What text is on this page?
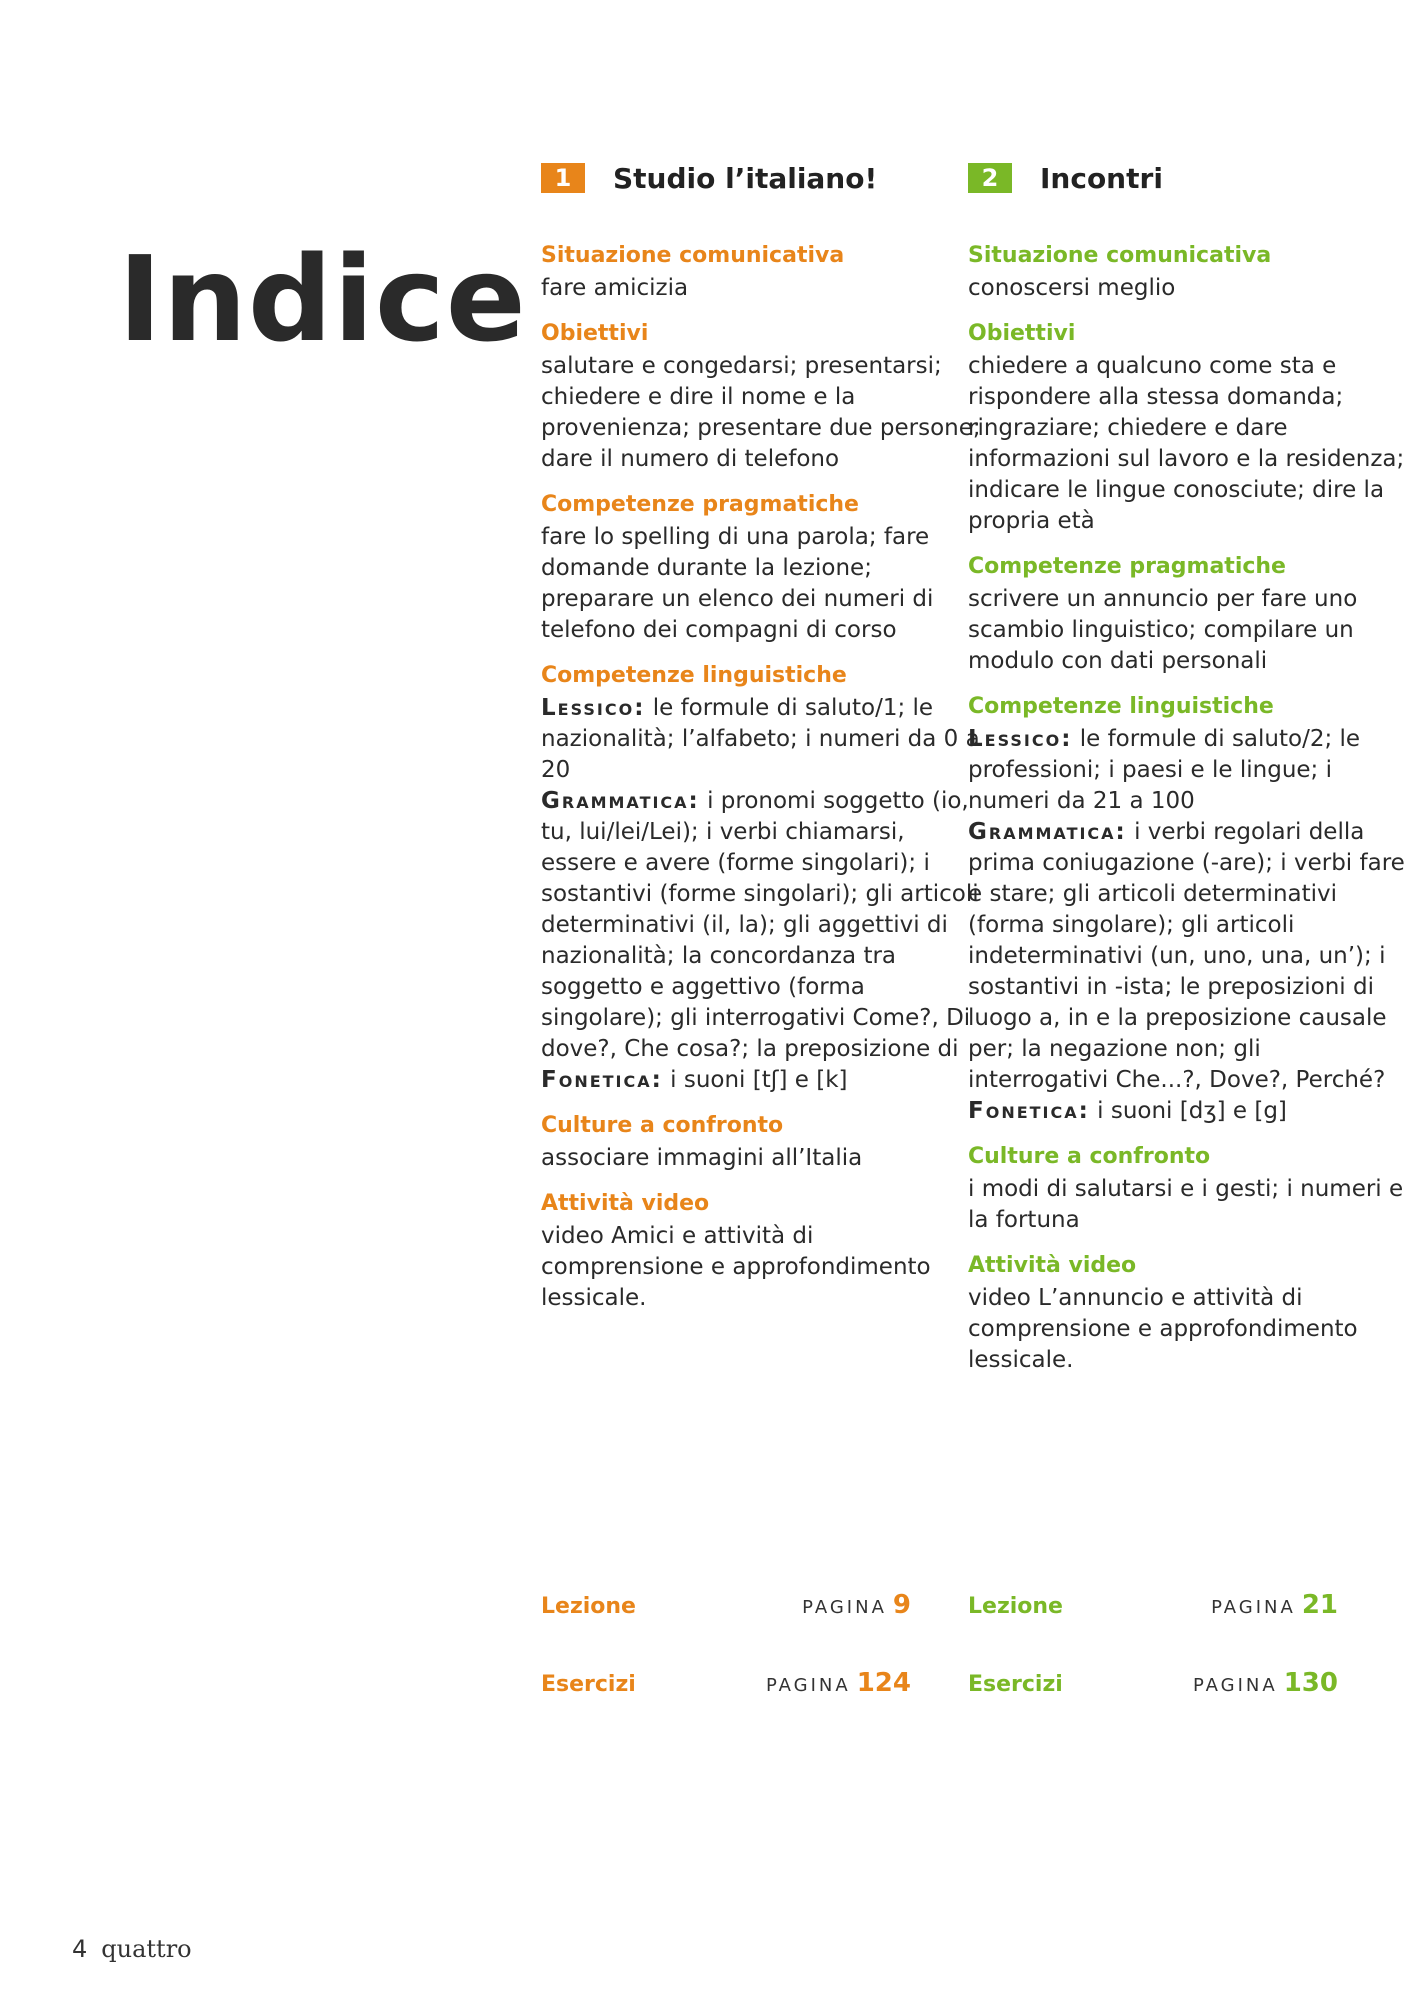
Indice
1	Studio l’italiano!
Situazione comunicativa

fare amicizia

Obiettivi

salutare e congedarsi; presentarsi; chiedere e dire il nome e la provenienza; presentare due persone; dare il numero di telefono

Competenze pragmatiche

fare lo spelling di una parola; fare domande durante la lezione; preparare un elenco dei numeri di telefono dei compagni di corso

Competenze linguistiche

Lessico: le formule di saluto/1; le nazionalità; l’alfabeto; i numeri da 0 a 20

Grammatica: i pronomi soggetto (io, tu, lui/lei/Lei); i verbi chiamarsi, essere e avere (forme singolari); i sostantivi (forme singolari); gli articoli determinativi (il, la); gli aggettivi di nazionalità; la concordanza tra soggetto e aggettivo (forma singolare); gli interrogativi Come?, Di dove?, Che cosa?; la preposizione di

Fonetica: i suoni [tʃ] e [k]

Culture a confronto

associare immagini all’Italia

Attività video

video Amici e attività di comprensione e approfondimento lessicale.

2	Incontri
Situazione comunicativa

conoscersi meglio

Obiettivi

chiedere a qualcuno come sta e rispondere alla stessa domanda; ringraziare; chiedere e dare informazioni sul lavoro e la residenza; indicare le lingue conosciute; dire la propria età

Competenze pragmatiche

scrivere un annuncio per fare uno scambio linguistico; compilare un modulo con dati personali

Competenze linguistiche

Lessico: le formule di saluto/2; le professioni; i paesi e le lingue; i numeri da 21 a 100

Grammatica: i verbi regolari della prima coniugazione (-are); i verbi fare e stare; gli articoli determinativi (forma singolare); gli articoli indeterminativi (un, uno, una, un’); i sostantivi in -ista; le preposizioni di luogo a, in e la preposizione causale per; la negazione non; gli interrogativi Che...?, Dove?, Perché?

Fonetica: i suoni [dʒ] e [g]

Culture a confronto

i modi di salutarsi e i gesti; i numeri e la fortuna

Attività video

video L’annuncio e attività di comprensione e approfondimento lessicale.

Lezione	PAGINA 9
Esercizi	PAGINA 124
Lezione	PAGINA 21
Esercizi	PAGINA 130
4 quattro
